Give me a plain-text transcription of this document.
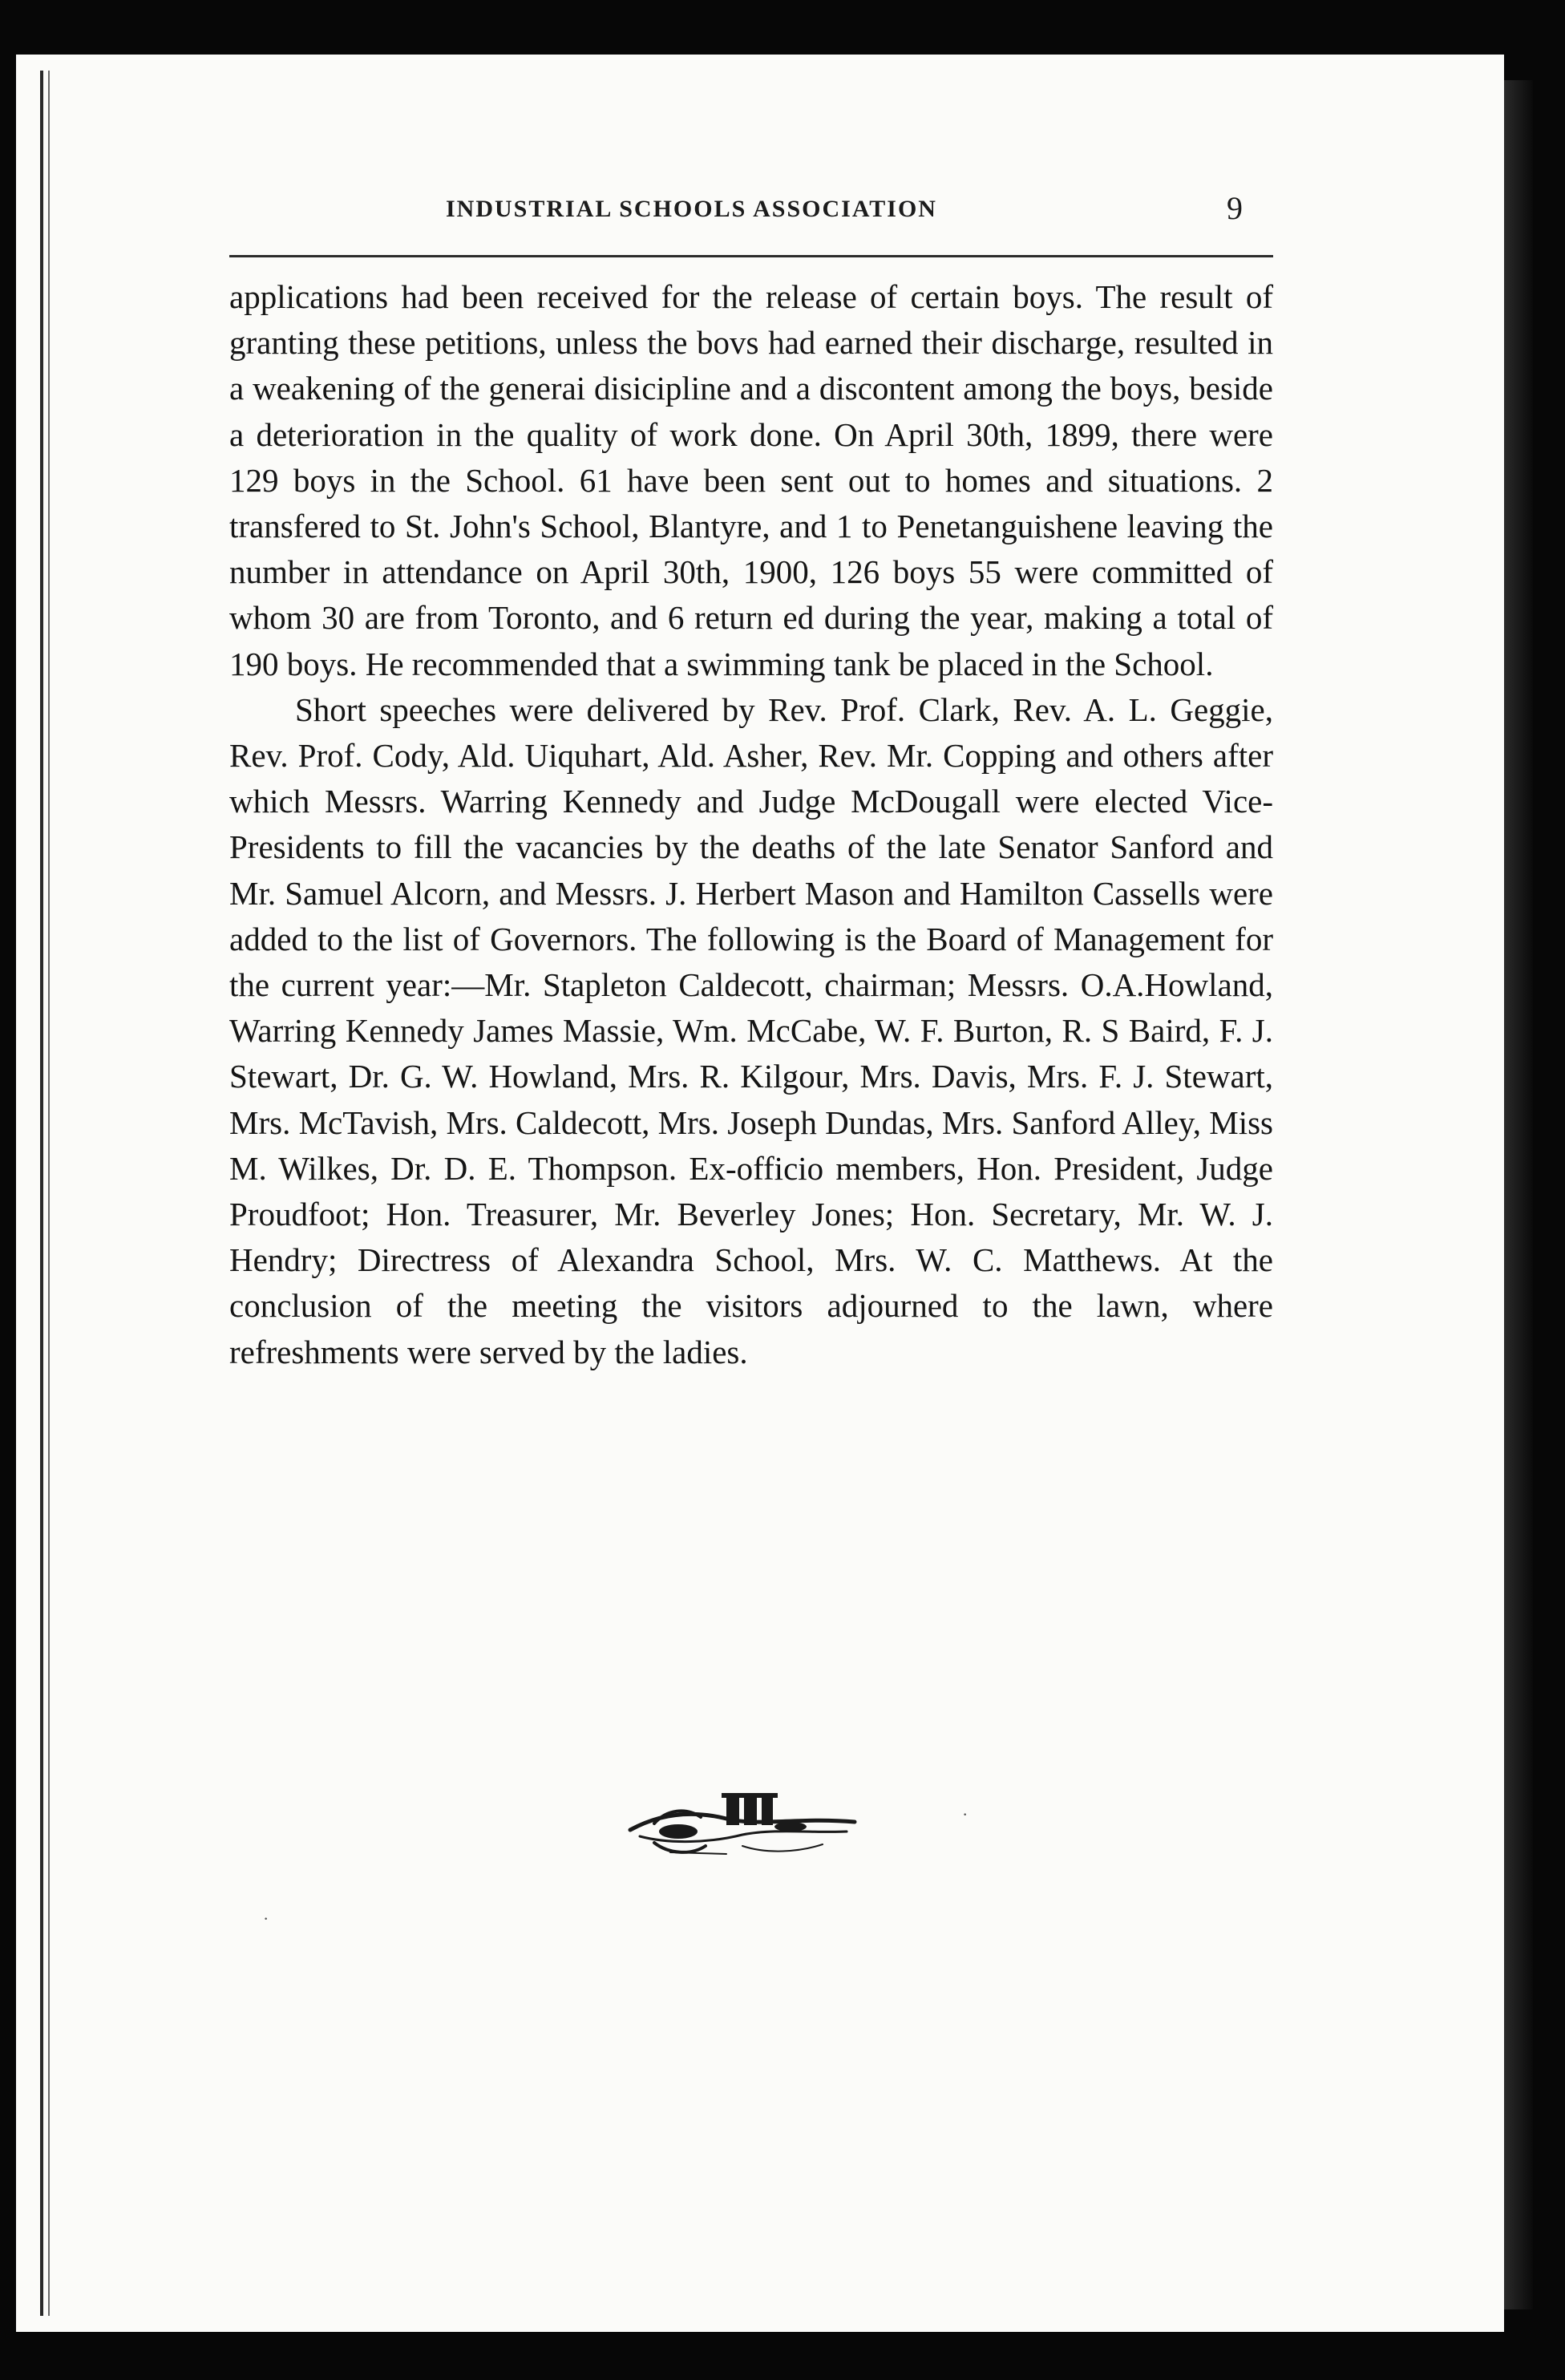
INDUSTRIAL SCHOOLS ASSOCIATION	9

applications had been received for the release of certain boys. The result of granting these petitions, unless the bovs had earned their discharge, resulted in a weakening of the generai disicipline and a discontent among the boys, beside a deterioration in the quality of work done. On April 30th, 1899, there were 129 boys in the School. 61 have been sent out to homes and situations. 2 transfered to St. John's School, Blantyre, and 1 to Penetanguishene leaving the number in attendance on April 30th, 1900, 126 boys 55 were committed of whom 30 are from Toronto, and 6 return ed during the year, making a total of 190 boys. He recommended that a swimming tank be placed in the School.

Short speeches were delivered by Rev. Prof. Clark, Rev. A. L. Geggie, Rev. Prof. Cody, Ald. Uiquhart, Ald. Asher, Rev. Mr. Copping and others after which Messrs. Warring Kennedy and Judge McDougall were elected Vice-Presidents to fill the vacancies by the deaths of the late Senator Sanford and Mr. Samuel Alcorn, and Messrs. J. Herbert Mason and Hamilton Cassells were added to the list of Governors. The following is the Board of Management for the current year:—Mr. Stapleton Caldecott, chairman; Messrs. O.A.Howland, Warring Kennedy James Massie, Wm. McCabe, W. F. Burton, R. S Baird, F. J. Stewart, Dr. G. W. Howland, Mrs. R. Kilgour, Mrs. Davis, Mrs. F. J. Stewart, Mrs. McTavish, Mrs. Caldecott, Mrs. Joseph Dundas, Mrs. Sanford Alley, Miss M. Wilkes, Dr. D. E. Thompson. Ex-officio members, Hon. President, Judge Proudfoot; Hon. Treasurer, Mr. Beverley Jones; Hon. Secretary, Mr. W. J. Hendry; Directress of Alexandra School, Mrs. W. C. Matthews. At the conclusion of the meeting the visitors adjourned to the lawn, where refreshments were served by the ladies.

·
·
